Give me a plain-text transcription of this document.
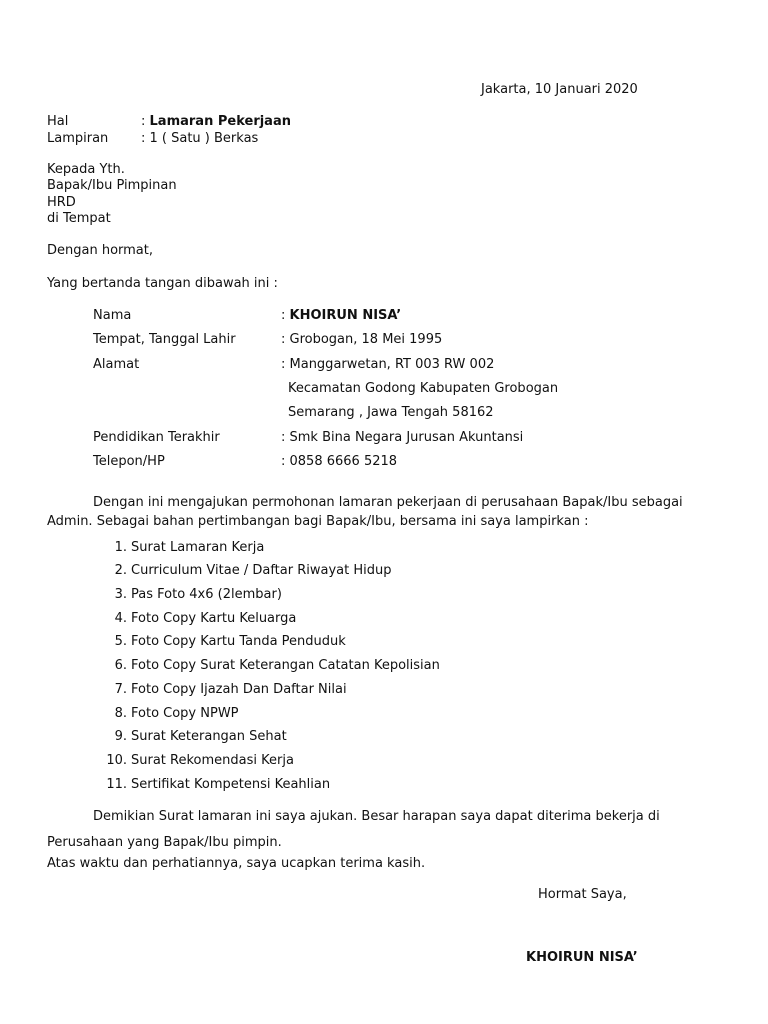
Jakarta, 10 Januari 2020
Hal	: Lamaran Pekerjaan
Lampiran	: 1 ( Satu ) Berkas
Kepada Yth.
Bapak/Ibu Pimpinan
HRD
di Tempat
Dengan hormat,
Yang bertanda tangan dibawah ini :
Nama	: KHOIRUN NISA’
Tempat, Tanggal Lahir	: Grobogan, 18 Mei 1995
Alamat	: Manggarwetan, RT 003 RW 002
Kecamatan Godong Kabupaten Grobogan
Semarang , Jawa Tengah 58162
Pendidikan Terakhir	: Smk Bina Negara Jurusan Akuntansi
Telepon/HP	: 0858 6666 5218
Dengan ini mengajukan permohonan lamaran pekerjaan di perusahaan Bapak/Ibu sebagai
Admin. Sebagai bahan pertimbangan bagi Bapak/Ibu, bersama ini saya lampirkan :
1. Surat Lamaran Kerja
2. Curriculum Vitae / Daftar Riwayat Hidup
3. Pas Foto 4x6 (2lembar)
4. Foto Copy Kartu Keluarga
5. Foto Copy Kartu Tanda Penduduk
6. Foto Copy Surat Keterangan Catatan Kepolisian
7. Foto Copy Ijazah Dan Daftar Nilai
8. Foto Copy NPWP
9. Surat Keterangan Sehat
10. Surat Rekomendasi Kerja
11. Sertifikat Kompetensi Keahlian
Demikian Surat lamaran ini saya ajukan. Besar harapan saya dapat diterima bekerja di
Perusahaan yang Bapak/Ibu pimpin.
Atas waktu dan perhatiannya, saya ucapkan terima kasih.
Hormat Saya,
KHOIRUN NISA’
